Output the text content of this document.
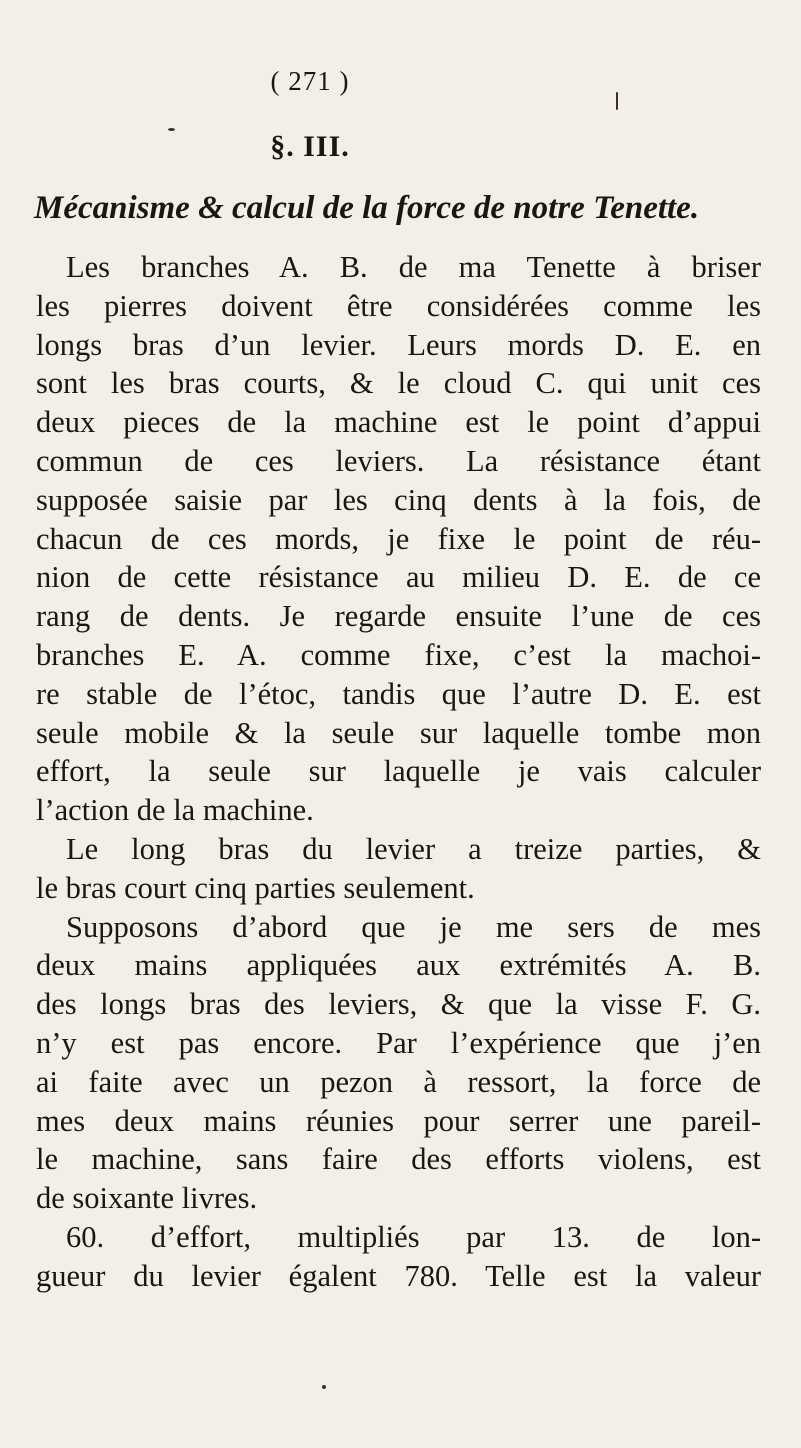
( 271 )
§. III.
Mécanisme & calcul de la force de notre Tenette.
Les branches A. B. de ma Tenette à briser
les pierres doivent être considérées comme les
longs bras d’un levier. Leurs mords D. E. en
sont les bras courts, & le cloud C. qui unit ces
deux pieces de la machine est le point d’appui
commun de ces leviers. La résistance étant
supposée saisie par les cinq dents à la fois, de
chacun de ces mords, je fixe le point de réu-
nion de cette résistance au milieu D. E. de ce
rang de dents. Je regarde ensuite l’une de ces
branches E. A. comme fixe, c’est la machoi-
re stable de l’étoc, tandis que l’autre D. E. est
seule mobile & la seule sur laquelle tombe mon
effort, la seule sur laquelle je vais calculer
l’action de la machine.
Le long bras du levier a treize parties, &
le bras court cinq parties seulement.
Supposons d’abord que je me sers de mes
deux mains appliquées aux extrémités A. B.
des longs bras des leviers, & que la visse F. G.
n’y est pas encore. Par l’expérience que j’en
ai faite avec un pezon à ressort, la force de
mes deux mains réunies pour serrer une pareil-
le machine, sans faire des efforts violens, est
de soixante livres.
60. d’effort, multipliés par 13. de lon-
gueur du levier égalent 780. Telle est la valeur
